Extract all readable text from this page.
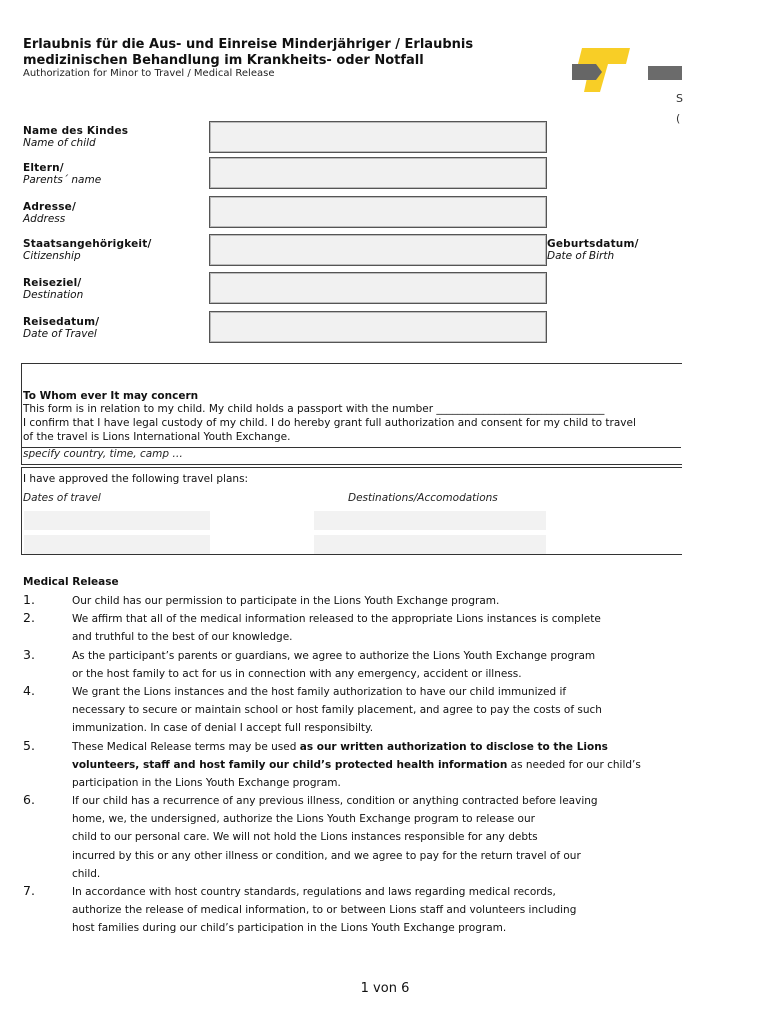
Erlaubnis für die Aus- und Einreise Minderjähriger / Erlaubnis
medizinischen Behandlung im Krankheits- oder Notfall
Authorization for Minor to Travel / Medical Release
S
(
Name des Kindes
Name of child
Eltern/
Parents´ name
Adresse/
Address
Staatsangehörigkeit/
Citizenship
Geburtsdatum/
Date of Birth
Reiseziel/
Destination
Reisedatum/
Date of Travel
To Whom ever It may concern
This form is in relation to my child. My child holds a passport with the number ________________________________
I confirm that I have legal custody of my child. I do hereby grant full authorization and consent for my child to travel
of the travel is Lions International Youth Exchange.
specify country, time, camp …
I have approved the following travel plans:
Dates of travel	Destinations/Accomodations
Medical Release
1.	Our child has our permission to participate in the Lions Youth Exchange program.
2.	We affirm that all of the medical information released to the appropriate Lions instances is complete
and truthful to the best of our knowledge.
3.	As the participant’s parents or guardians, we agree to authorize the Lions Youth Exchange program
or the host family to act for us in connection with any emergency, accident or illness.
4.	We grant the Lions instances and the host family authorization to have our child immunized if
necessary to secure or maintain school or host family placement, and agree to pay the costs of such
immunization. In case of denial I accept full responsibilty.
5.	These Medical Release terms may be used as our written authorization to disclose to the Lions
volunteers, staff and host family our child’s protected health information as needed for our child’s
participation in the Lions Youth Exchange program.
6.	If our child has a recurrence of any previous illness, condition or anything contracted before leaving
home, we, the undersigned, authorize the Lions Youth Exchange program to release our
child to our personal care. We will not hold the Lions instances responsible for any debts
incurred by this or any other illness or condition, and we agree to pay for the return travel of our
child.
7.	In accordance with host country standards, regulations and laws regarding medical records,
authorize the release of medical information, to or between Lions staff and volunteers including
host families during our child’s participation in the Lions Youth Exchange program.
1 von 6
